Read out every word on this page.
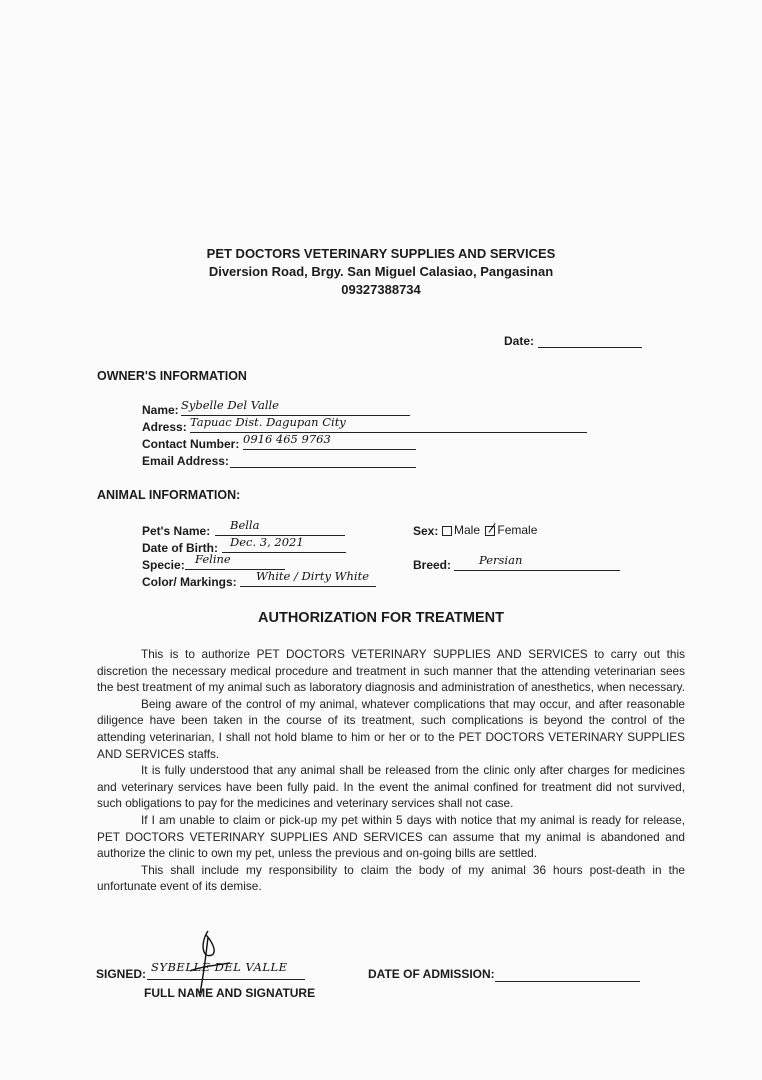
PET DOCTORS VETERINARY SUPPLIES AND SERVICES
Diversion Road, Brgy. San Miguel Calasiao, Pangasinan
09327388734
Date:
OWNER'S INFORMATION
Name: Sybelle Del Valle
Adress: Tapuac Dist. Dagupan City
Contact Number: 0916 465 9763
Email Address:
ANIMAL INFORMATION:
Pet's Name:	Bella
Date of Birth:	Dec. 3, 2021
Specie: Feline
Color/ Markings:	White / Dirty White
Sex:	Male Female
Breed:	Persian
AUTHORIZATION FOR TREATMENT

This is to authorize PET DOCTORS VETERINARY SUPPLIES AND SERVICES to carry out this discretion the necessary medical procedure and treatment in such manner that the attending veterinarian sees the best treatment of my animal such as laboratory diagnosis and administration of anesthetics, when necessary.

Being aware of the control of my animal, whatever complications that may occur, and after reasonable diligence have been taken in the course of its treatment, such complications is beyond the control of the attending veterinarian, I shall not hold blame to him or her or to the PET DOCTORS VETERINARY SUPPLIES AND SERVICES staffs.

It is fully understood that any animal shall be released from the clinic only after charges for medicines and veterinary services have been fully paid. In the event the animal confined for treatment did not survived, such obligations to pay for the medicines and veterinary services shall not case.

If I am unable to claim or pick-up my pet within 5 days with notice that my animal is ready for release, PET DOCTORS VETERINARY SUPPLIES AND SERVICES can assume that my animal is abandoned and authorize the clinic to own my pet, unless the previous and on-going bills are settled.

This shall include my responsibility to claim the body of my animal 36 hours post-death in the unfortunate event of its demise.

SIGNED: SYBELLE DEL VALLE
FULL NAME AND SIGNATURE
DATE OF ADMISSION:
